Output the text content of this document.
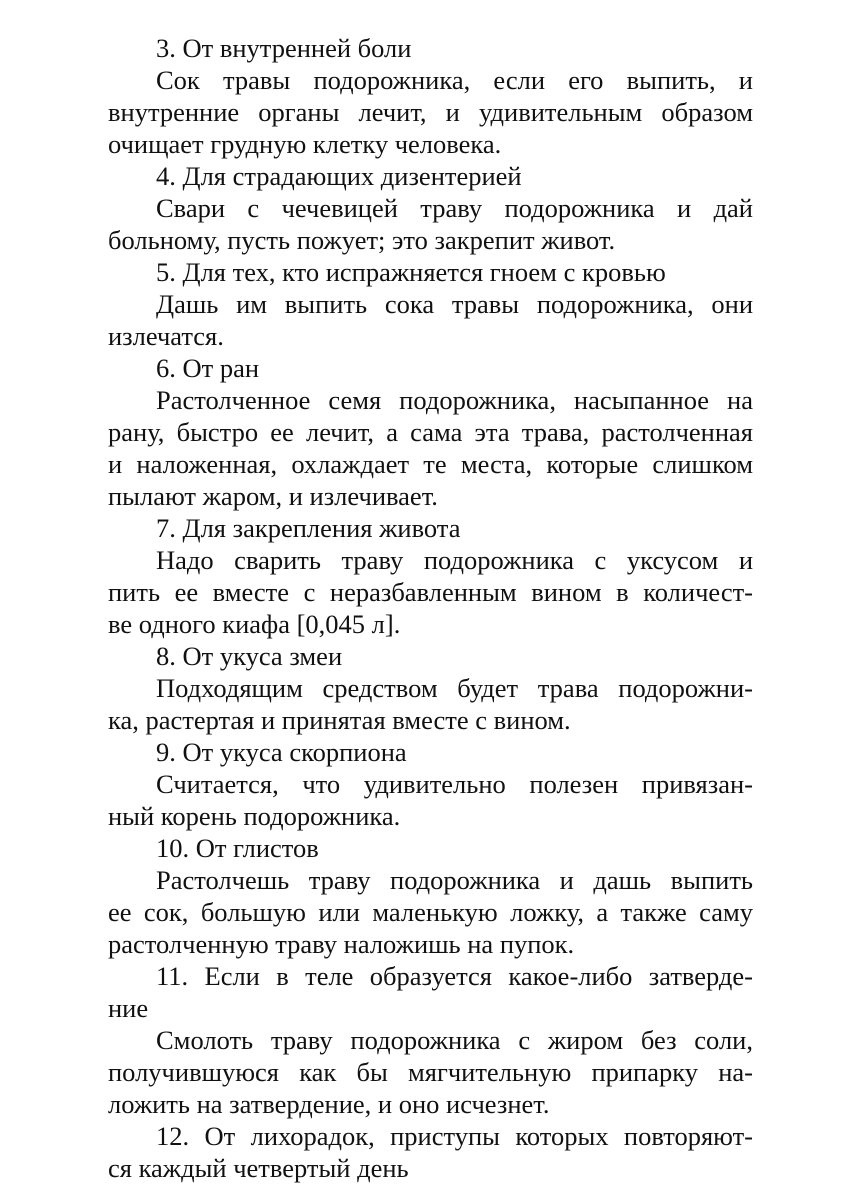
3. От внутренней боли
Сок травы подорожника, если его выпить, и
внутренние органы лечит, и удивительным образом
очищает грудную клетку человека.
4. Для страдающих дизентерией
Свари с чечевицей траву подорожника и дай
больному, пусть пожует; это закрепит живот.
5. Для тех, кто испражняется гноем с кровью
Дашь им выпить сока травы подорожника, они
излечатся.
6. От ран
Растолченное семя подорожника, насыпанное на
рану, быстро ее лечит, а сама эта трава, растолченная
и наложенная, охлаждает те места, которые слишком
пылают жаром, и излечивает.
7. Для закрепления живота
Надо сварить траву подорожника с уксусом и
пить ее вместе с неразбавленным вином в количест-
ве одного киафа [0,045 л].
8. От укуса змеи
Подходящим средством будет трава подорожни-
ка, растертая и принятая вместе с вином.
9. От укуса скорпиона
Считается, что удивительно полезен привязан-
ный корень подорожника.
10. От глистов
Растолчешь траву подорожника и дашь выпить
ее сок, большую или маленькую ложку, а также саму
растолченную траву наложишь на пупок.
11. Если в теле образуется какое-либо затверде-
ние
Смолоть траву подорожника с жиром без соли,
получившуюся как бы мягчительную припарку на-
ложить на затвердение, и оно исчезнет.
12. От лихорадок, приступы которых повторяют-
ся каждый четвертый день
